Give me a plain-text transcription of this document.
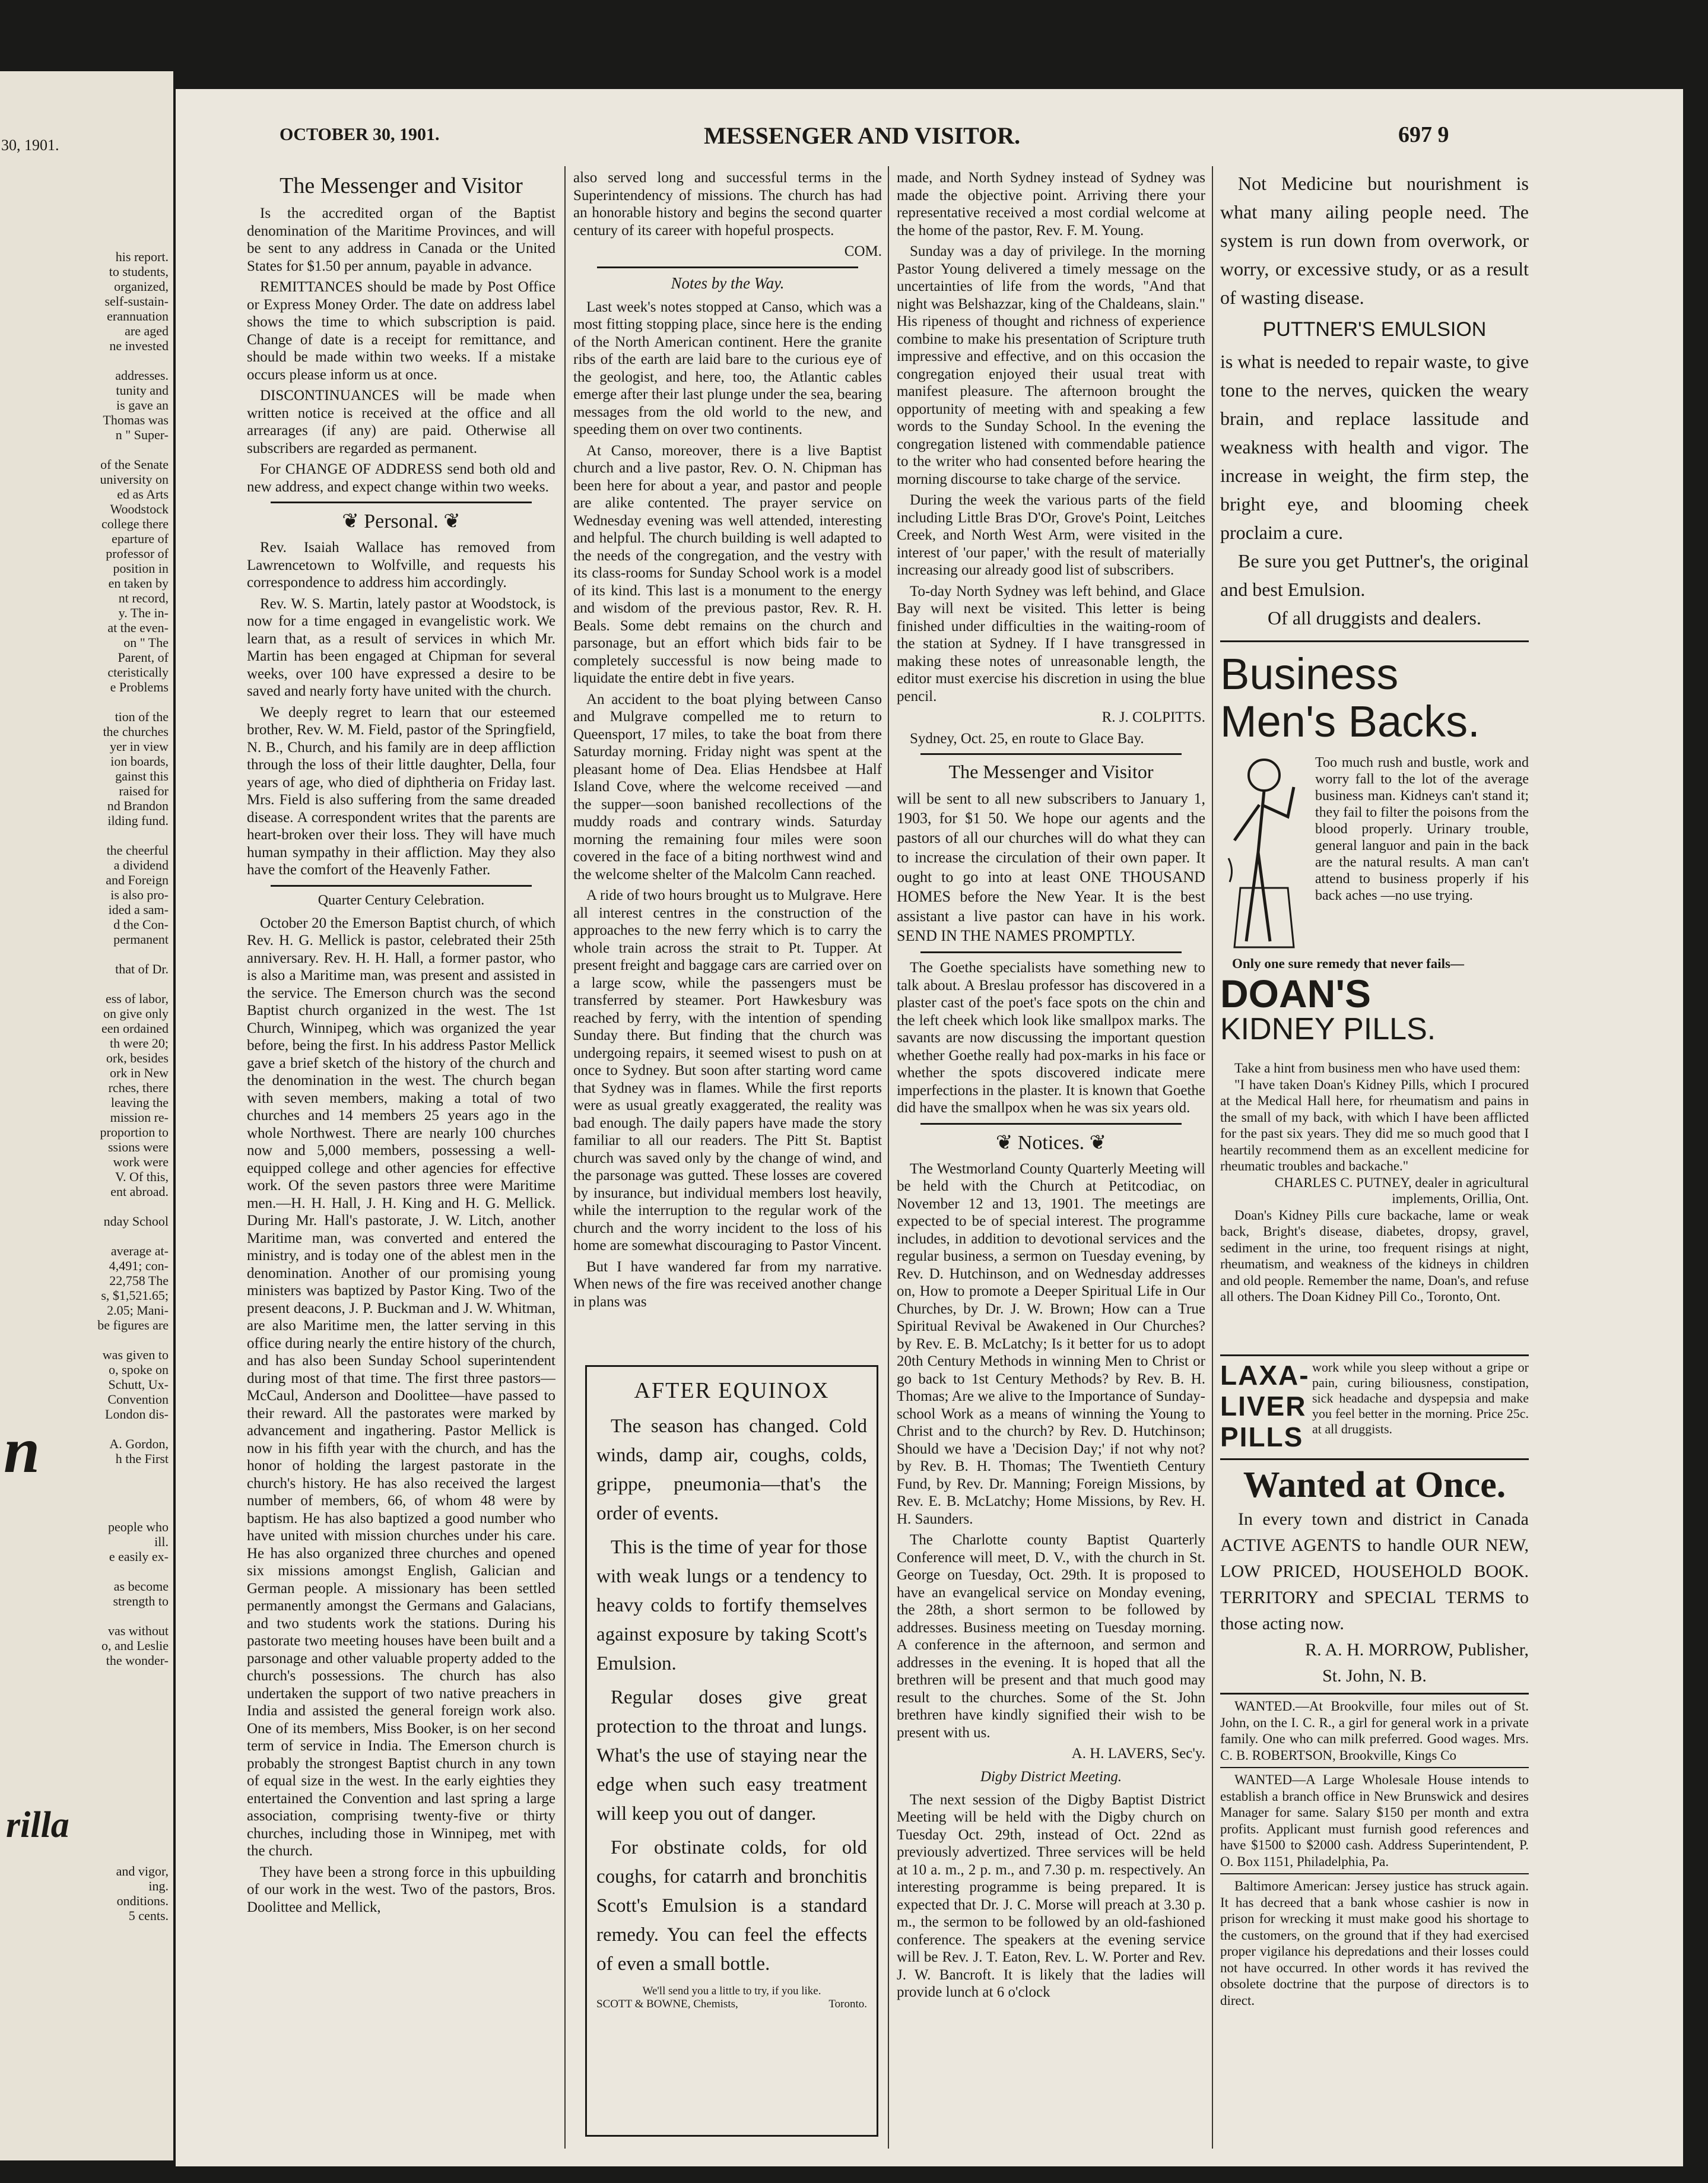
30, 1901.

his report.

to students,

organized,

self-sustain-

erannuation

are aged

ne invested

addresses.

tunity and

is gave an

Thomas was

n " Super-

of the Senate

university on

ed as Arts

Woodstock

college there

eparture of

professor of

position in

en taken by

nt record,

y. The in-

at the even-

on " The

Parent, of

cteristically

e Problems

tion of the

the churches

yer in view

ion boards,

gainst this

raised for

nd Brandon

ilding fund.

the cheerful

a dividend

and Foreign

is also pro-

ided a sam-

d the Con-

permanent

that of Dr.

ess of labor,

on give only

een ordained

th were 20;

ork, besides

ork in New

rches, there

leaving the

mission re-

proportion to

ssions were

work were

V. Of this,

ent abroad.

nday School

average at-

4,491; con-

22,758 The

s, $1,521.65;

2.05; Mani-

be figures are

was given to

o, spoke on

Schutt, Ux-

Convention

London dis-

A. Gordon,

h the First

n

people who

ill.

e easily ex-

as become

strength to

vas without

o, and Leslie

the wonder-

rilla

and vigor,

ing.

onditions.

5 cents.

OCTOBER 30, 1901.	MESSENGER AND VISITOR.	697 9
The Messenger and Visitor

Is the accredited organ of the Baptist denomination of the Maritime Provinces, and will be sent to any address in Canada or the United States for $1.50 per annum, payable in advance.

REMITTANCES should be made by Post Office or Express Money Order. The date on address label shows the time to which subscription is paid. Change of date is a receipt for remittance, and should be made within two weeks. If a mistake occurs please inform us at once.

DISCONTINUANCES will be made when written notice is received at the office and all arrearages (if any) are paid. Otherwise all subscribers are regarded as permanent.

For CHANGE OF ADDRESS send both old and new address, and expect change within two weeks.

❦ Personal. ❦

Rev. Isaiah Wallace has removed from Lawrencetown to Wolfville, and requests his correspondence to address him accordingly.

Rev. W. S. Martin, lately pastor at Woodstock, is now for a time engaged in evangelistic work. We learn that, as a result of services in which Mr. Martin has been engaged at Chipman for several weeks, over 100 have expressed a desire to be saved and nearly forty have united with the church.

We deeply regret to learn that our esteemed brother, Rev. W. M. Field, pastor of the Springfield, N. B., Church, and his family are in deep affliction through the loss of their little daughter, Della, four years of age, who died of diphtheria on Friday last. Mrs. Field is also suffering from the same dreaded disease. A correspondent writes that the parents are heart-broken over their loss. They will have much human sympathy in their affliction. May they also have the comfort of the Heavenly Father.

Quarter Century Celebration.

October 20 the Emerson Baptist church, of which Rev. H. G. Mellick is pastor, celebrated their 25th anniversary. Rev. H. H. Hall, a former pastor, who is also a Maritime man, was present and assisted in the service. The Emerson church was the second Baptist church organized in the west. The 1st Church, Winnipeg, which was organized the year before, being the first. In his address Pastor Mellick gave a brief sketch of the history of the church and the denomination in the west. The church began with seven members, making a total of two churches and 14 members 25 years ago in the whole Northwest. There are nearly 100 churches now and 5,000 members, possessing a well-equipped college and other agencies for effective work. Of the seven pastors three were Maritime men.—H. H. Hall, J. H. King and H. G. Mellick. During Mr. Hall's pastorate, J. W. Litch, another Maritime man, was converted and entered the ministry, and is today one of the ablest men in the denomination. Another of our promising young ministers was baptized by Pastor King. Two of the present deacons, J. P. Buckman and J. W. Whitman, are also Maritime men, the latter serving in this office during nearly the entire history of the church, and has also been Sunday School superintendent during most of that time. The first three pastors—McCaul, Anderson and Doolittee—have passed to their reward. All the pastorates were marked by advancement and ingathering. Pastor Mellick is now in his fifth year with the church, and has the honor of holding the largest pastorate in the church's history. He has also received the largest number of members, 66, of whom 48 were by baptism. He has also baptized a good number who have united with mission churches under his care. He has also organized three churches and opened six missions amongst English, Galician and German people. A missionary has been settled permanently amongst the Germans and Galacians, and two students work the stations. During his pastorate two meeting houses have been built and a parsonage and other valuable property added to the church's possessions. The church has also undertaken the support of two native preachers in India and assisted the general foreign work also. One of its members, Miss Booker, is on her second term of service in India. The Emerson church is probably the strongest Baptist church in any town of equal size in the west. In the early eighties they entertained the Convention and last spring a large association, comprising twenty-five or thirty churches, including those in Winnipeg, met with the church.

They have been a strong force in this upbuilding of our work in the west. Two of the pastors, Bros. Doolittee and Mellick,

also served long and successful terms in the Superintendency of missions. The church has had an honorable history and begins the second quarter century of its career with hopeful prospects.

COM.

Notes by the Way.

Last week's notes stopped at Canso, which was a most fitting stopping place, since here is the ending of the North American continent. Here the granite ribs of the earth are laid bare to the curious eye of the geologist, and here, too, the Atlantic cables emerge after their last plunge under the sea, bearing messages from the old world to the new, and speeding them on over two continents.

At Canso, moreover, there is a live Baptist church and a live pastor, Rev. O. N. Chipman has been here for about a year, and pastor and people are alike contented. The prayer service on Wednesday evening was well attended, interesting and helpful. The church building is well adapted to the needs of the congregation, and the vestry with its class-rooms for Sunday School work is a model of its kind. This last is a monument to the energy and wisdom of the previous pastor, Rev. R. H. Beals. Some debt remains on the church and parsonage, but an effort which bids fair to be completely successful is now being made to liquidate the entire debt in five years.

An accident to the boat plying between Canso and Mulgrave compelled me to return to Queensport, 17 miles, to take the boat from there Saturday morning. Friday night was spent at the pleasant home of Dea. Elias Hendsbee at Half Island Cove, where the welcome received —and the supper—soon banished recollections of the muddy roads and contrary winds. Saturday morning the remaining four miles were soon covered in the face of a biting northwest wind and the welcome shelter of the Malcolm Cann reached.

A ride of two hours brought us to Mulgrave. Here all interest centres in the construction of the approaches to the new ferry which is to carry the whole train across the strait to Pt. Tupper. At present freight and baggage cars are carried over on a large scow, while the passengers must be transferred by steamer. Port Hawkesbury was reached by ferry, with the intention of spending Sunday there. But finding that the church was undergoing repairs, it seemed wisest to push on at once to Sydney. But soon after starting word came that Sydney was in flames. While the first reports were as usual greatly exaggerated, the reality was bad enough. The daily papers have made the story familiar to all our readers. The Pitt St. Baptist church was saved only by the change of wind, and the parsonage was gutted. These losses are covered by insurance, but individual members lost heavily, while the interruption to the regular work of the church and the worry incident to the loss of his home are somewhat discouraging to Pastor Vincent.

But I have wandered far from my narrative. When news of the fire was received another change in plans was

AFTER EQUINOX

The season has changed. Cold winds, damp air, coughs, colds, grippe, pneumonia—that's the order of events.

This is the time of year for those with weak lungs or a tendency to heavy colds to fortify themselves against exposure by taking Scott's Emulsion.

Regular doses give great protection to the throat and lungs. What's the use of staying near the edge when such easy treatment will keep you out of danger.

For obstinate colds, for old coughs, for catarrh and bronchitis Scott's Emulsion is a standard remedy. You can feel the effects of even a small bottle.

We'll send you a little to try, if you like.
SCOTT & BOWNE, Chemists,	Toronto.

made, and North Sydney instead of Sydney was made the objective point. Arriving there your representative received a most cordial welcome at the home of the pastor, Rev. F. M. Young.

Sunday was a day of privilege. In the morning Pastor Young delivered a timely message on the uncertainties of life from the words, "And that night was Belshazzar, king of the Chaldeans, slain." His ripeness of thought and richness of experience combine to make his presentation of Scripture truth impressive and effective, and on this occasion the congregation enjoyed their usual treat with manifest pleasure. The afternoon brought the opportunity of meeting with and speaking a few words to the Sunday School. In the evening the congregation listened with commendable patience to the writer who had consented before hearing the morning discourse to take charge of the service.

During the week the various parts of the field including Little Bras D'Or, Grove's Point, Leitches Creek, and North West Arm, were visited in the interest of 'our paper,' with the result of materially increasing our already good list of subscribers.

To-day North Sydney was left behind, and Glace Bay will next be visited. This letter is being finished under difficulties in the waiting-room of the station at Sydney. If I have transgressed in making these notes of unreasonable length, the editor must exercise his discretion in using the blue pencil.

R. J. COLPITTS.

Sydney, Oct. 25, en route to Glace Bay.

The Messenger and Visitor

will be sent to all new subscribers to January 1, 1903, for $1 50. We hope our agents and the pastors of all our churches will do what they can to increase the circulation of their own paper. It ought to go into at least ONE THOUSAND HOMES before the New Year. It is the best assistant a live pastor can have in his work. SEND IN THE NAMES PROMPTLY.

The Goethe specialists have something new to talk about. A Breslau professor has discovered in a plaster cast of the poet's face spots on the chin and the left cheek which look like smallpox marks. The savants are now discussing the important question whether Goethe really had pox-marks in his face or whether the spots discovered indicate mere imperfections in the plaster. It is known that Goethe did have the smallpox when he was six years old.

❦ Notices. ❦

The Westmorland County Quarterly Meeting will be held with the Church at Petitcodiac, on November 12 and 13, 1901. The meetings are expected to be of special interest. The programme includes, in addition to devotional services and the regular business, a sermon on Tuesday evening, by Rev. D. Hutchinson, and on Wednesday addresses on, How to promote a Deeper Spiritual Life in Our Churches, by Dr. J. W. Brown; How can a True Spiritual Revival be Awakened in Our Churches? by Rev. E. B. McLatchy; Is it better for us to adopt 20th Century Methods in winning Men to Christ or go back to 1st Century Methods? by Rev. B. H. Thomas; Are we alive to the Importance of Sunday-school Work as a means of winning the Young to Christ and to the church? by Rev. D. Hutchinson; Should we have a 'Decision Day;' if not why not? by Rev. B. H. Thomas; The Twentieth Century Fund, by Rev. Dr. Manning; Foreign Missions, by Rev. E. B. McLatchy; Home Missions, by Rev. H. H. Saunders.

The Charlotte county Baptist Quarterly Conference will meet, D. V., with the church in St. George on Tuesday, Oct. 29th. It is proposed to have an evangelical service on Monday evening, the 28th, a short sermon to be followed by addresses. Business meeting on Tuesday morning. A conference in the afternoon, and sermon and addresses in the evening. It is hoped that all the brethren will be present and that much good may result to the churches. Some of the St. John brethren have kindly signified their wish to be present with us.

A. H. LAVERS, Sec'y.

Digby District Meeting.

The next session of the Digby Baptist District Meeting will be held with the Digby church on Tuesday Oct. 29th, instead of Oct. 22nd as previously advertized. Three services will be held at 10 a. m., 2 p. m., and 7.30 p. m. respectively. An interesting programme is being prepared. It is expected that Dr. J. C. Morse will preach at 3.30 p. m., the sermon to be followed by an old-fashioned conference. The speakers at the evening service will be Rev. J. T. Eaton, Rev. L. W. Porter and Rev. J. W. Bancroft. It is likely that the ladies will provide lunch at 6 o'clock

Not Medicine but nourishment is what many ailing people need. The system is run down from overwork, or worry, or excessive study, or as a result of wasting disease.
PUTTNER'S EMULSION
is what is needed to repair waste, to give tone to the nerves, quicken the weary brain, and replace lassitude and weakness with health and vigor. The increase in weight, the firm step, the bright eye, and blooming cheek proclaim a cure.
Be sure you get Puttner's, the original and best Emulsion.
Of all druggists and dealers.
Business
Men's Backs.
Too much rush and bustle, work and worry fall to the lot of the average business man. Kidneys can't stand it; they fail to filter the poisons from the blood properly. Urinary trouble, general languor and pain in the back are the natural results. A man can't attend to business properly if his back aches —no use trying.
Only one sure remedy that never fails—
DOAN'S
KIDNEY PILLS.
Take a hint from business men who have used them:
"I have taken Doan's Kidney Pills, which I procured at the Medical Hall here, for rheumatism and pains in the small of my back, with which I have been afflicted for the past six years. They did me so much good that I heartily recommend them as an excellent medicine for rheumatic troubles and backache."
CHARLES C. PUTNEY, dealer in agricultural implements, Orillia, Ont.
Doan's Kidney Pills cure backache, lame or weak back, Bright's disease, diabetes, dropsy, gravel, sediment in the urine, too frequent risings at night, rheumatism, and weakness of the kidneys in children and old people. Remember the name, Doan's, and refuse all others. The Doan Kidney Pill Co., Toronto, Ont.
LAXA-
LIVER
PILLS
work while you sleep without a gripe or pain, curing biliousness, constipation, sick headache and dyspepsia and make you feel better in the morning. Price 25c. at all druggists.
Wanted at Once.
In every town and district in Canada ACTIVE AGENTS to handle OUR NEW, LOW PRICED, HOUSEHOLD BOOK. TERRITORY and SPECIAL TERMS to those acting now.
R. A. H. MORROW, Publisher,
St. John, N. B.

WANTED.—At Brookville, four miles out of St. John, on the I. C. R., a girl for general work in a private family. One who can milk preferred. Good wages. Mrs. C. B. ROBERTSON, Brookville, Kings Co

WANTED—A Large Wholesale House intends to establish a branch office in New Brunswick and desires Manager for same. Salary $150 per month and extra profits. Applicant must furnish good references and have $1500 to $2000 cash. Address Superintendent, P. O. Box 1151, Philadelphia, Pa.

Baltimore American: Jersey justice has struck again. It has decreed that a bank whose cashier is now in prison for wrecking it must make good his shortage to the customers, on the ground that if they had exercised proper vigilance his depredations and their losses could not have occurred. In other words it has revived the obsolete doctrine that the purpose of directors is to direct.
